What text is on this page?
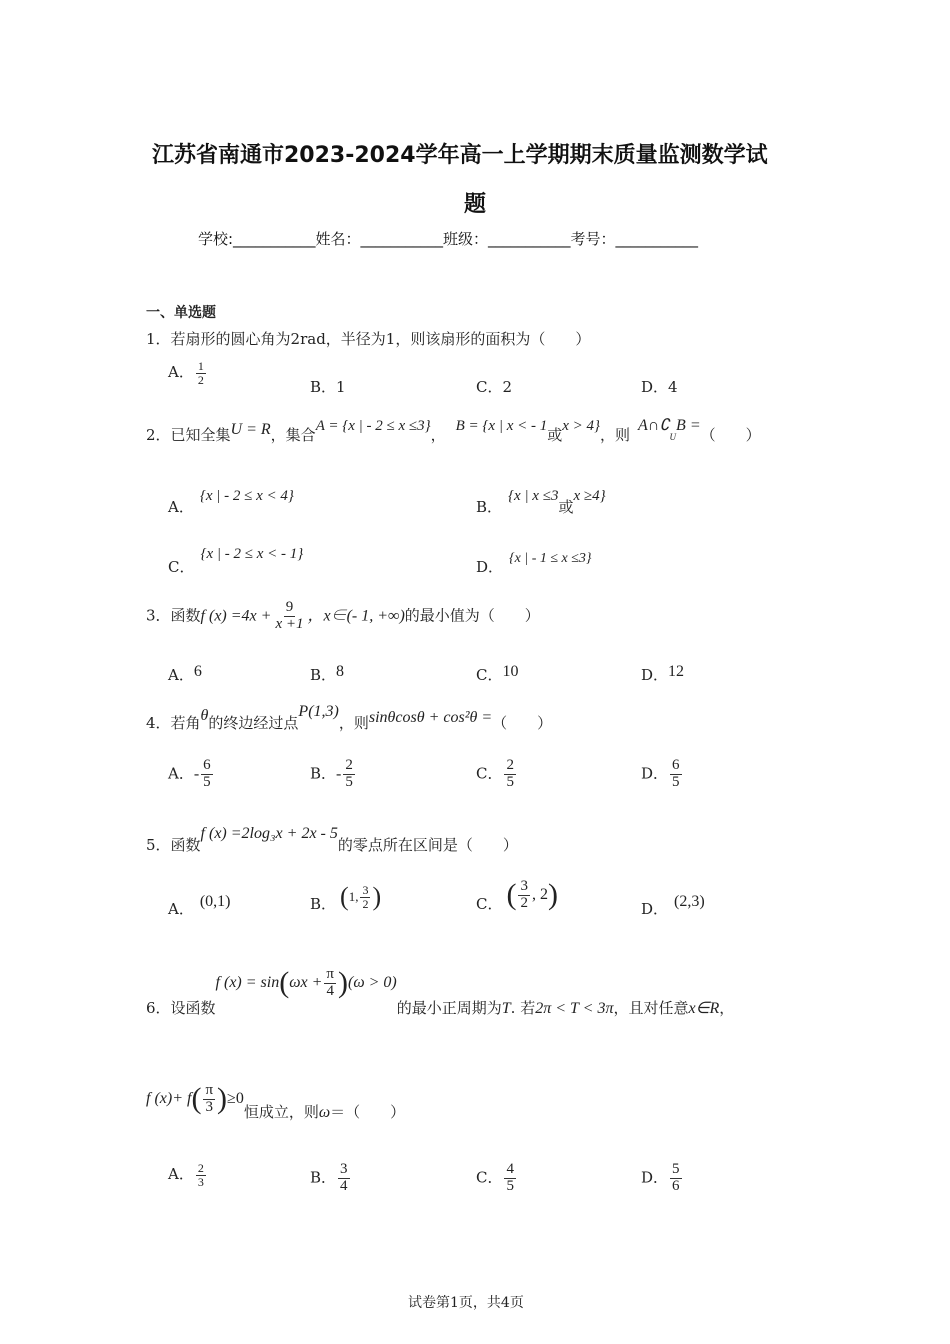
江苏省南通市2023-2024学年高一上学期期末质量监测数学试
题
学校:___________姓名：___________班级：___________考号：___________
一、单选题
1．若扇形的圆心角为2rad，半径为1，则该扇形的面积为（　　）
A． $\frac{1}{2}$
B．1	C．2	D．4
2．已知全集U = R，集合A = {x | - 2 ≤ x ≤3}， B = {x | x < - 1或x > 4}，则A∩∁UB =（　　）
A．{x | - 2 ≤ x < 4}
B．{x | x ≤3或x ≥4}
C．{x | - 2 ≤ x < - 1}
D． {x | - 1 ≤ x ≤3}
3．函数f $(x) =4x + \frac{9}{x +1}$ ，x∈(- 1, +∞)的最小值为（　　）
A．6	B．8	C．10	D．12
4．若角θ的终边经过点P(1,3)，则sinθcosθ + cos²θ =（　　）
A．- $\frac{6}{5}$	B．- $\frac{2}{5}$	C． $\frac{2}{5}$	D． $\frac{6}{5}$
5．函数f (x) =2log₃x + 2x - 5的零点所在区间是（　　）
A． (0,1)	B． (1, $\frac{3}{2}$ )	C． ( $\frac{3}{2}$ , 2)	D． (2,3)
6．设函数f $(x) = \sin(\omega x + \frac{\pi}{4} )(\omega > 0)$的最小正周期为T. 若2π < T < 3π，且对任意x∈R，
f $(x)+ f( \frac{\pi}{3} )\ge 0$恒成立，则ω＝（　　）
A． $\frac{2}{3}$	B． $\frac{3}{4}$	C． $\frac{4}{5}$	D． $\frac{5}{6}$
试卷第1页，共4页
